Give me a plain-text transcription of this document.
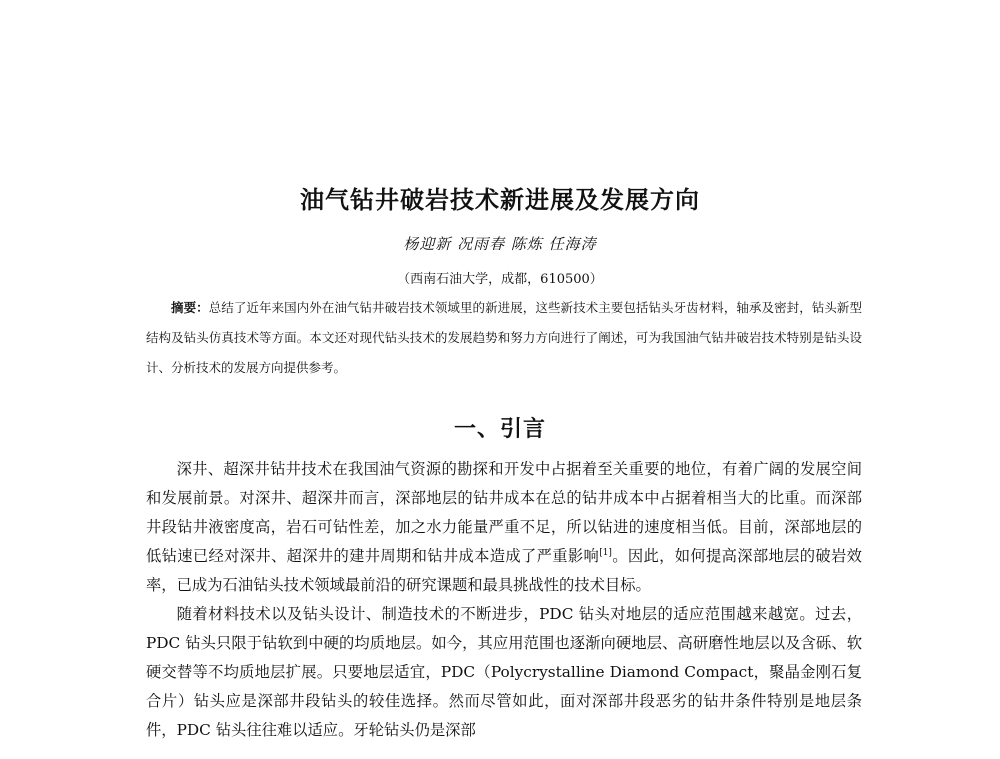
油气钻井破岩技术新进展及发展方向
杨迎新 况雨春 陈炼 任海涛
（西南石油大学，成都，610500）
摘要：总结了近年来国内外在油气钻井破岩技术领域里的新进展，这些新技术主要包括钻头牙齿材料，轴承及密封，钻头新型结构及钻头仿真技术等方面。本文还对现代钻头技术的发展趋势和努力方向进行了阐述，可为我国油气钻井破岩技术特别是钻头设计、分析技术的发展方向提供参考。
一、引言

深井、超深井钻井技术在我国油气资源的勘探和开发中占据着至关重要的地位，有着广阔的发展空间和发展前景。对深井、超深井而言，深部地层的钻井成本在总的钻井成本中占据着相当大的比重。而深部井段钻井液密度高，岩石可钻性差，加之水力能量严重不足，所以钻进的速度相当低。目前，深部地层的低钻速已经对深井、超深井的建井周期和钻井成本造成了严重影响[1]。因此，如何提高深部地层的破岩效率，已成为石油钻头技术领域最前沿的研究课题和最具挑战性的技术目标。

随着材料技术以及钻头设计、制造技术的不断进步，PDC 钻头对地层的适应范围越来越宽。过去，PDC 钻头只限于钻软到中硬的均质地层。如今，其应用范围也逐渐向硬地层、高研磨性地层以及含砾、软硬交替等不均质地层扩展。只要地层适宜，PDC（Polycrystalline Diamond Compact，聚晶金刚石复合片）钻头应是深部井段钻头的较佳选择。然而尽管如此，面对深部井段恶劣的钻井条件特别是地层条件，PDC 钻头往往难以适应。牙轮钻头仍是深部
